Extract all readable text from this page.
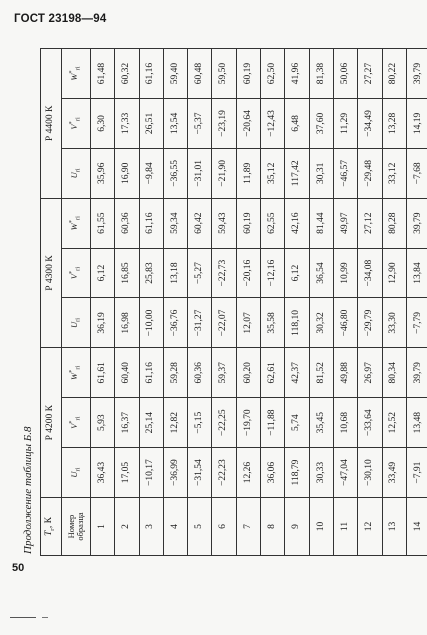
ГОСТ 23198—94
Продолжение таблицы Б.8 $T_г$, К	Р 4200 К			Р 4300 К			Р 4400 К		

Номер
образца	$U_{ri}$	$V^*_{ri}$	$W^*_{ri}$	$U_{ri}$	$V^*_{ri}$	$W^*_{ri}$	$U_{ri}$	$V^*_{ri}$	$W^*_{ri}$
1	36,43	5,93	61,61	36,19	6,12	61,55	35,96	6,30	61,48
2	17,05	16,37	60,40	16,98	16,85	60,36	16,90	17,33	60,32
3	−10,17	25,14	61,16	−10,00	25,83	61,16	−9,84	26,51	61,16
4	−36,99	12,82	59,28	−36,76	13,18	59,34	−36,55	13,54	59,40
5	−31,54	−5,15	60,36	−31,27	−5,27	60,42	−31,01	−5,37	60,48
6	−22,23	−22,25	59,37	−22,07	−22,73	59,43	−21,90	−23,19	59,50
7	12,26	−19,70	60,20	12,07	−20,16	60,19	11,89	−20,64	60,19
8	36,06	−11,88	62,61	35,58	−12,16	62,55	35,12	−12,43	62,50
9	118,79	5,74	42,37	118,10	6,12	42,16	117,42	6,48	41,96
10	30,33	35,45	81,52	30,32	36,54	81,44	30,31	37,60	81,38
11	−47,04	10,68	49,88	−46,80	10,99	49,97	−46,57	11,29	50,06
12	−30,10	−33,64	26,97	−29,79	−34,08	27,12	−29,48	−34,49	27,27
13	33,49	12,52	80,34	33,30	12,90	80,28	33,12	13,28	80,22
14	−7,91	13,48	39,79	−7,79	13,84	39,79	−7,68	14,19	39,79
50
